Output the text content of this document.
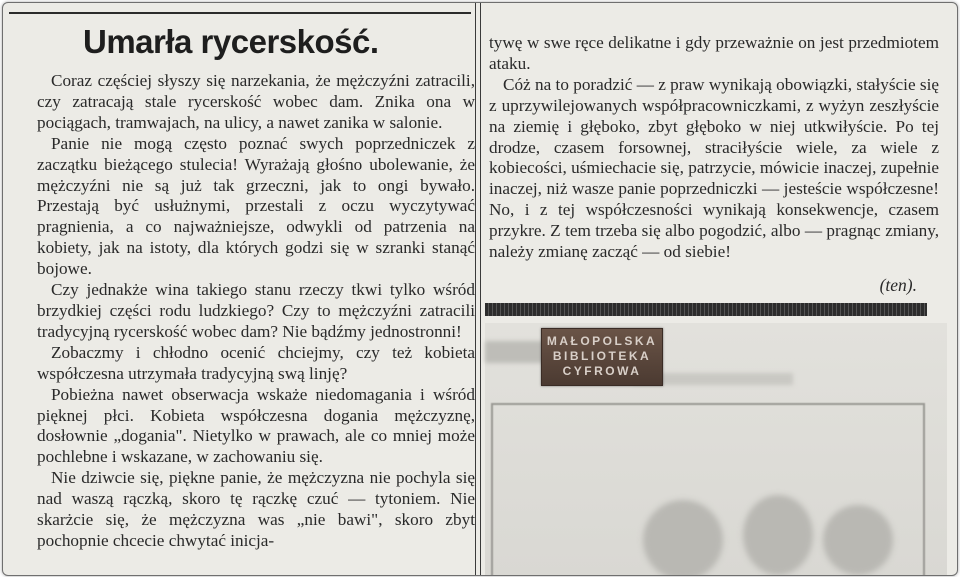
Umarła rycerskość.

Coraz częściej słyszy się narzekania, że mężczyźni zatracili, czy zatracają stale rycerskość wobec dam. Znika ona w pociągach, tramwajach, na ulicy, a nawet zanika w salonie.

Panie nie mogą często poznać swych poprzedniczek z zaczątku bieżącego stulecia! Wyrażają głośno ubolewanie, że mężczyźni nie są już tak grzeczni, jak to ongi bywało. Przestają być usłużnymi, przestali z oczu wyczytywać pragnienia, a co najważniejsze, odwykli od patrzenia na kobiety, jak na istoty, dla których godzi się w szranki stanąć bojowe.

Czy jednakże wina takiego stanu rzeczy tkwi tylko wśród brzydkiej części rodu ludzkiego? Czy to mężczyźni zatracili tradycyjną rycerskość wobec dam? Nie bądźmy jednostronni!

Zobaczmy i chłodno ocenić chciejmy, czy też kobieta współczesna utrzymała tradycyjną swą linję?

Pobieżna nawet obserwacja wskaże niedomagania i wśród pięknej płci. Kobieta współczesna dogania mężczyznę, dosłownie „dogania". Nietylko w prawach, ale co mniej może pochlebne i wskazane, w zachowaniu się.

Nie dziwcie się, piękne panie, że mężczyzna nie pochyla się nad waszą rączką, skoro tę rączkę czuć — tytoniem. Nie skarżcie się, że mężczyzna was „nie bawi", skoro zbyt pochopnie chcecie chwytać inicja-

tywę w swe ręce delikatne i gdy przeważnie on jest przedmiotem ataku.

Cóż na to poradzić — z praw wynikają obowiązki, stałyście się z uprzywilejowanych współpracowniczkami, z wyżyn zeszłyście na ziemię i głęboko, zbyt głęboko w niej utkwiłyście. Po tej drodze, czasem forsownej, straciłyście wiele, za wiele z kobiecości, uśmiechacie się, patrzycie, mówicie inaczej, zupełnie inaczej, niż wasze panie poprzedniczki — jesteście współczesne! No, i z tej współczesności wynikają konsekwencje, czasem przykre. Z tem trzeba się albo pogodzić, albo — pragnąc zmiany, należy zmianę zacząć — od siebie!

(ten).
MAŁOPOLSKA
BIBLIOTEKA
CYFROWA
